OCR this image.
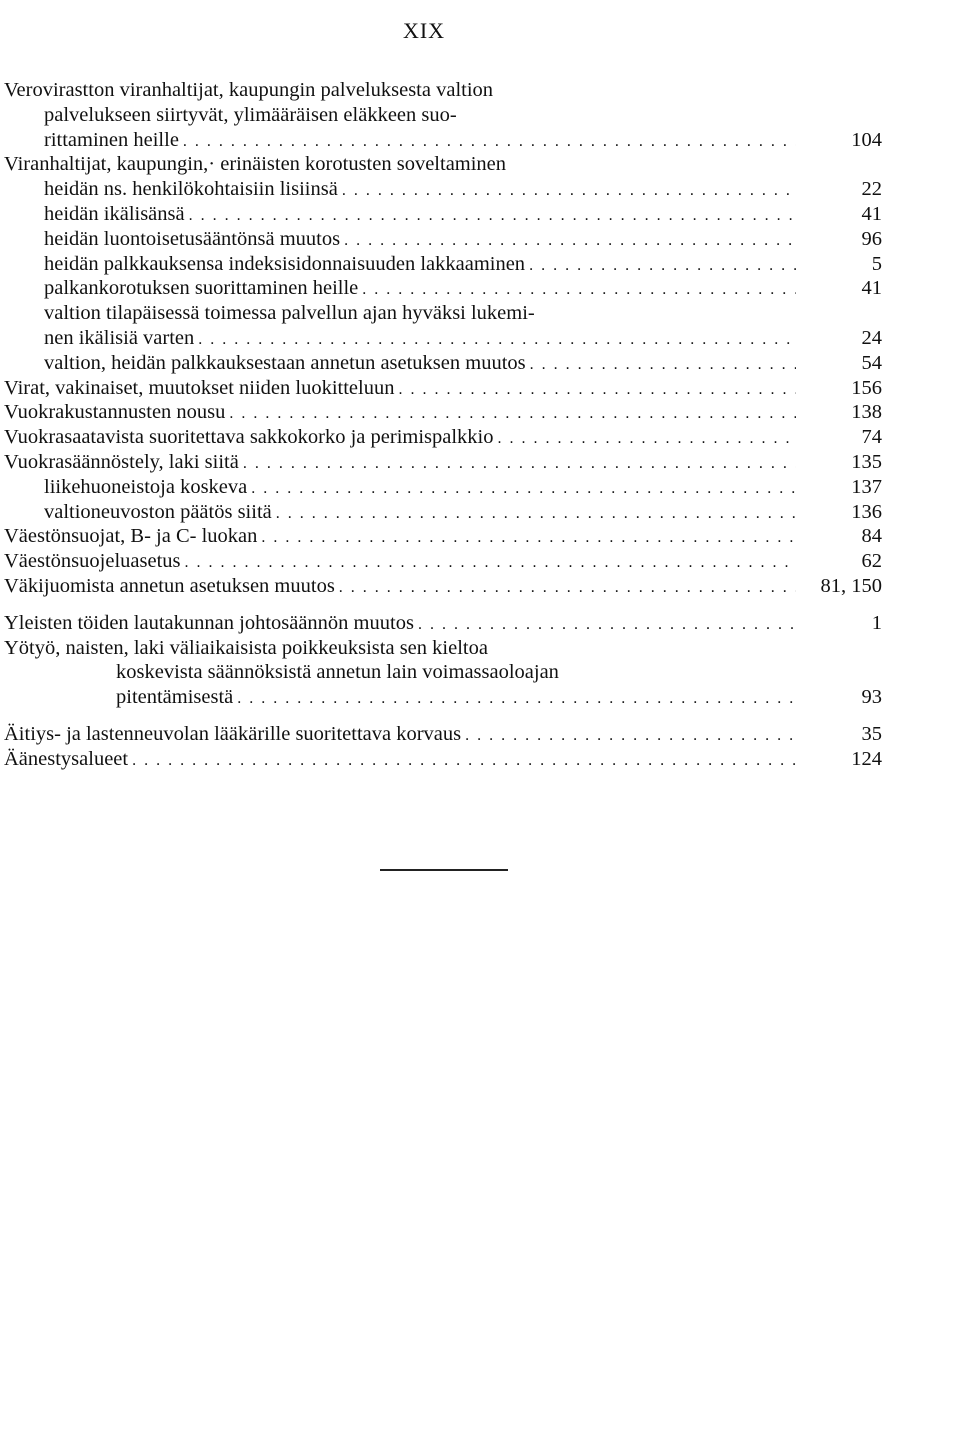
XIX
Verovirastton viranhaltijat, kaupungin palveluksesta valtion
palvelukseen siirtyvät, ylimääräisen eläkkeen suo-
rittaminen heille . . .	104
Viranhaltijat, kaupungin,· erinäisten korotusten soveltaminen
heidän ns. henkilökohtaisiin lisiinsä . . .	22
heidän ikälisänsä . . .	41
heidän luontoisetusääntönsä muutos . . .	96
heidän palkkauksensa indeksisidonnaisuuden lakkaaminen . . .	5
palkankorotuksen suorittaminen heille . . .	41
valtion tilapäisessä toimessa palvellun ajan hyväksi lukemi-
nen ikälisiä varten . . .	24
valtion, heidän palkkauksestaan annetun asetuksen muutos . . .	54
Virat, vakinaiset, muutokset niiden luokitteluun . . .	156
Vuokrakustannusten nousu . . .	138
Vuokrasaatavista suoritettava sakkokorko ja perimispalkkio . . .	74
Vuokrasäännöstely, laki siitä . . .	135
liikehuoneistoja koskeva . . .	137
valtioneuvoston päätös siitä . . .	136
Väestönsuojat, B- ja C- luokan . . .	84
Väestönsuojeluasetus . . .	62
Väkijuomista annetun asetuksen muutos . . .	81, 150
Yleisten töiden lautakunnan johtosäännön muutos . . .	1
Yötyö, naisten, laki väliaikaisista poikkeuksista sen kieltoa
koskevista säännöksistä annetun lain voimassaoloajan
pitentämisestä . . .	93
Äitiys- ja lastenneuvolan lääkärille suoritettava korvaus . . .	35
Äänestysalueet . . .	124
